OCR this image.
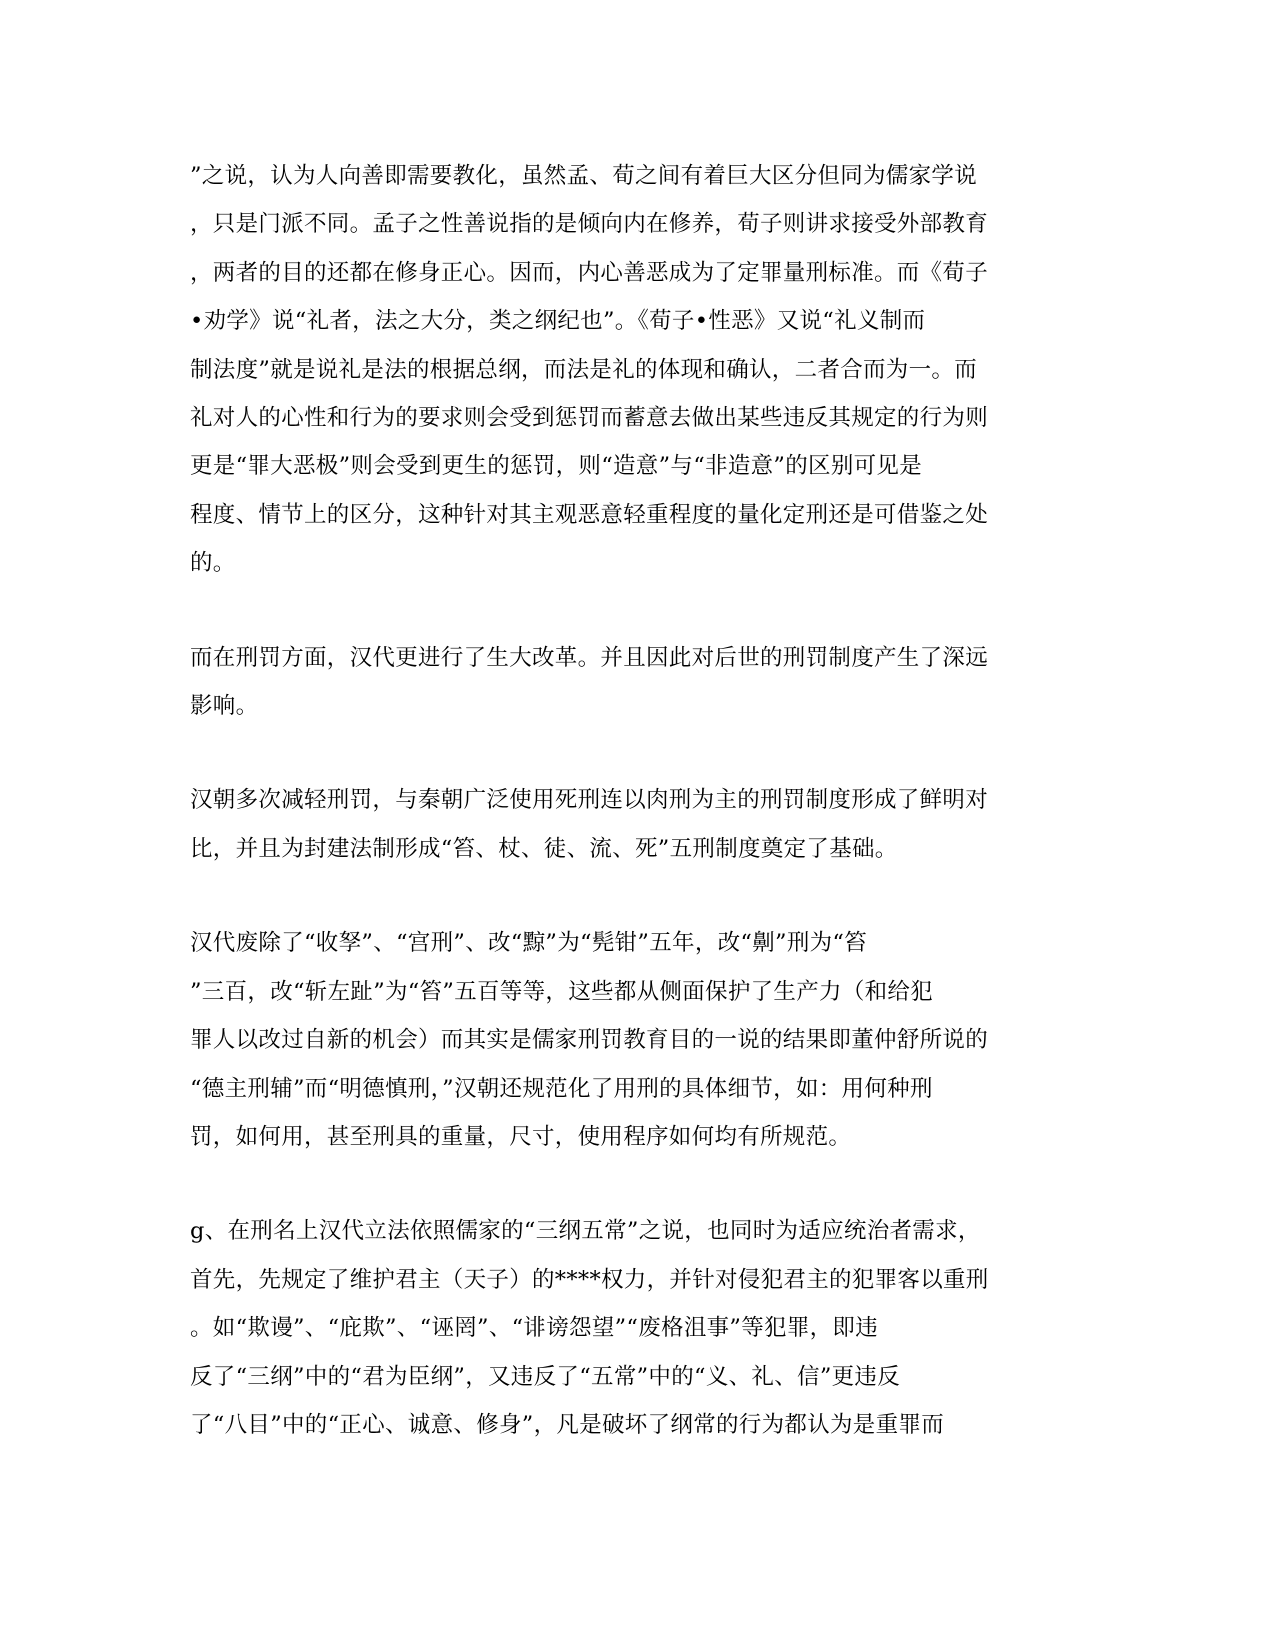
”之说，认为人向善即需要教化，虽然孟、荀之间有着巨大区分但同为儒家学说
，只是门派不同。孟子之性善说指的是倾向内在修养，荀子则讲求接受外部教育
，两者的目的还都在修身正心。因而，内心善恶成为了定罪量刑标准。而《荀子
•劝学》说“礼者，法之大分，类之纲纪也”。《荀子•性恶》又说“礼义制而
制法度”就是说礼是法的根据总纲，而法是礼的体现和确认，二者合而为一。而
礼对人的心性和行为的要求则会受到惩罚而蓄意去做出某些违反其规定的行为则
更是“罪大恶极”则会受到更生的惩罚，则“造意”与“非造意”的区别可见是
程度、情节上的区分，这种针对其主观恶意轻重程度的量化定刑还是可借鉴之处
的。
而在刑罚方面，汉代更进行了生大改革。并且因此对后世的刑罚制度产生了深远
影响。
汉朝多次减轻刑罚，与秦朝广泛使用死刑连以肉刑为主的刑罚制度形成了鲜明对
比，并且为封建法制形成“笞、杖、徒、流、死”五刑制度奠定了基础。
汉代废除了“收孥”、“宫刑”、改“黥”为“髡钳”五年，改“劓”刑为“笞
”三百，改“斩左趾”为“笞”五百等等，这些都从侧面保护了生产力（和给犯
罪人以改过自新的机会）而其实是儒家刑罚教育目的一说的结果即董仲舒所说的
“德主刑辅”而“明德慎刑，”汉朝还规范化了用刑的具体细节，如：用何种刑
罚，如何用，甚至刑具的重量，尺寸，使用程序如何均有所规范。
g、在刑名上汉代立法依照儒家的“三纲五常”之说，也同时为适应统治者需求，
首先，先规定了维护君主（天子）的****权力，并针对侵犯君主的犯罪客以重刑
。如“欺谩”、“庇欺”、“诬罔”、“诽谤怨望”“废格沮事”等犯罪，即违
反了“三纲”中的“君为臣纲”，又违反了“五常”中的“义、礼、信”更违反
了“八目”中的“正心、诚意、修身”，凡是破坏了纲常的行为都认为是重罪而
